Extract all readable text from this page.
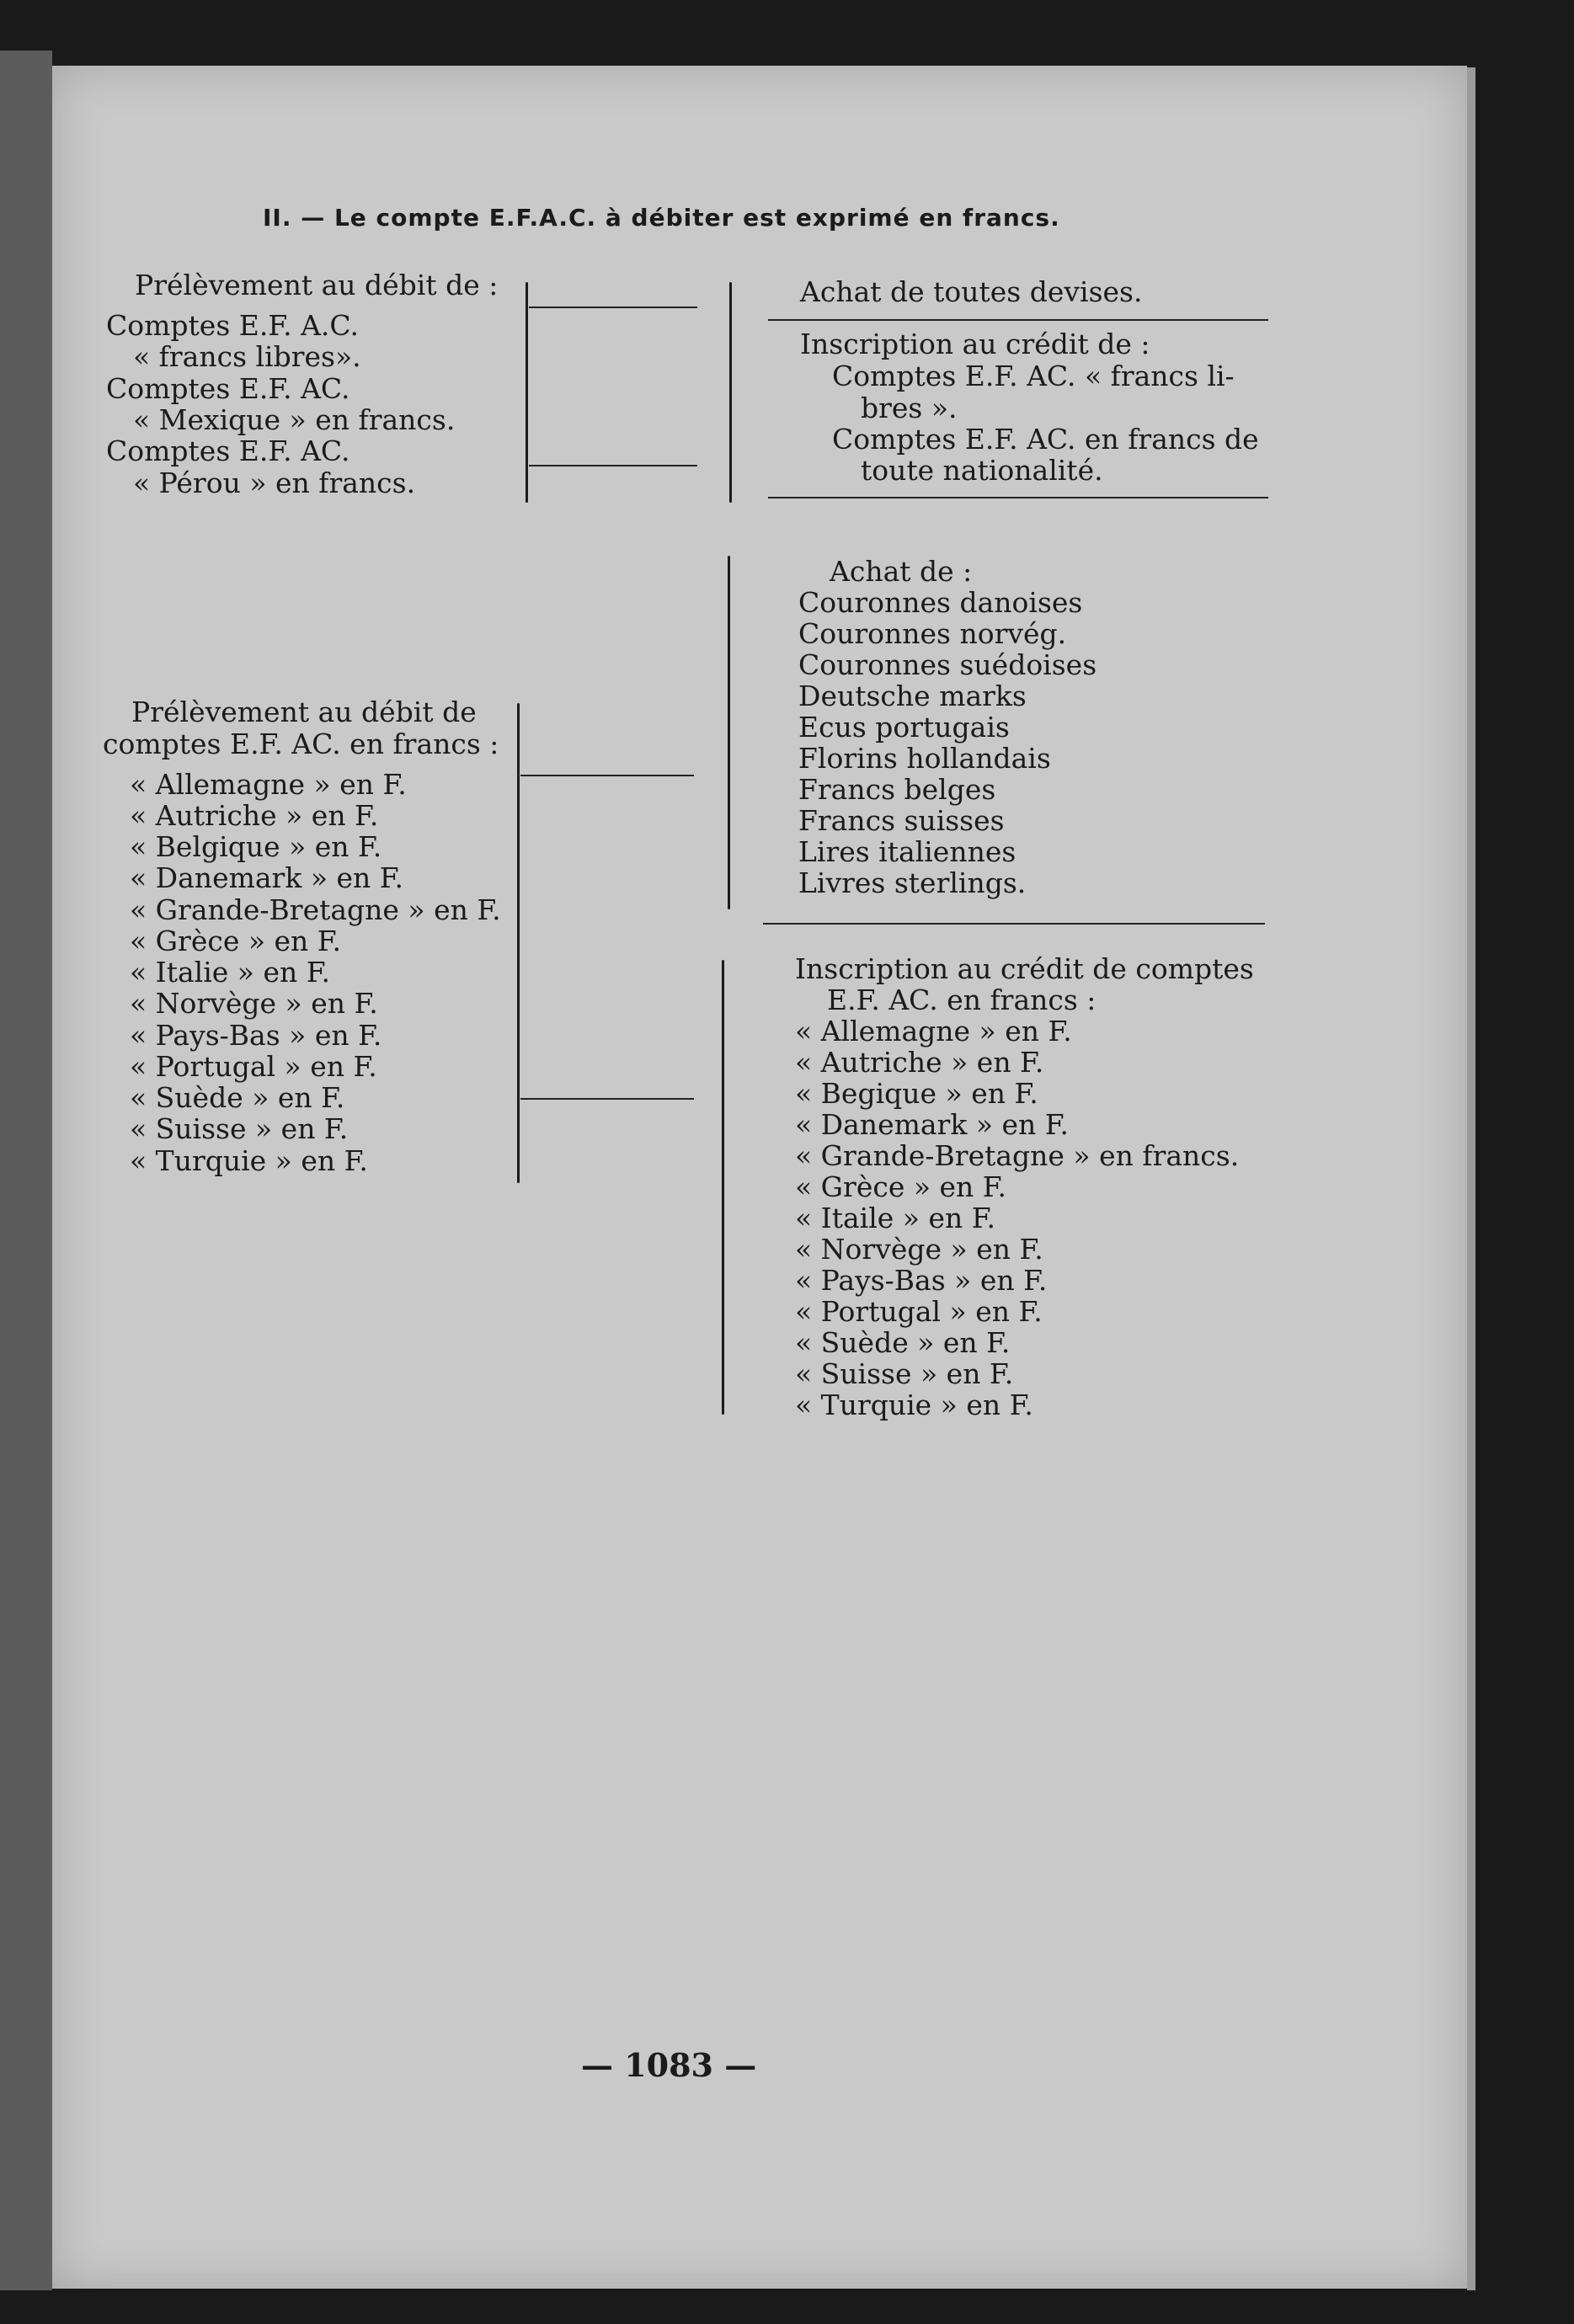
II. — Le compte E.F.A.C. à débiter est exprimé en francs.
Prélèvement au débit de :
Comptes E.F. A.C.
« francs libres».
Comptes E.F. AC.
« Mexique » en francs.
Comptes E.F. AC.
« Pérou » en francs.
Achat de toutes devises.
Inscription au crédit de :
Comptes E.F. AC. « francs li-
bres ».
Comptes E.F. AC. en francs de
toute nationalité.
Prélèvement au débit de
comptes E.F. AC. en francs :
« Allemagne » en F.
« Autriche » en F.
« Belgique » en F.
« Danemark » en F.
« Grande-Bretagne » en F.
« Grèce » en F.
« Italie » en F.
« Norvège » en F.
« Pays-Bas » en F.
« Portugal » en F.
« Suède » en F.
« Suisse » en F.
« Turquie » en F.
Achat de :
Couronnes danoises
Couronnes norvég.
Couronnes suédoises
Deutsche marks
Ecus portugais
Florins hollandais
Francs belges
Francs suisses
Lires italiennes
Livres sterlings.
Inscription au crédit de comptes
E.F. AC. en francs :
« Allemagne » en F.
« Autriche » en F.
« Begique » en F.
« Danemark » en F.
« Grande-Bretagne » en francs.
« Grèce » en F.
« Itaile » en F.
« Norvège » en F.
« Pays-Bas » en F.
« Portugal » en F.
« Suède » en F.
« Suisse » en F.
« Turquie » en F.
— 1083 —
